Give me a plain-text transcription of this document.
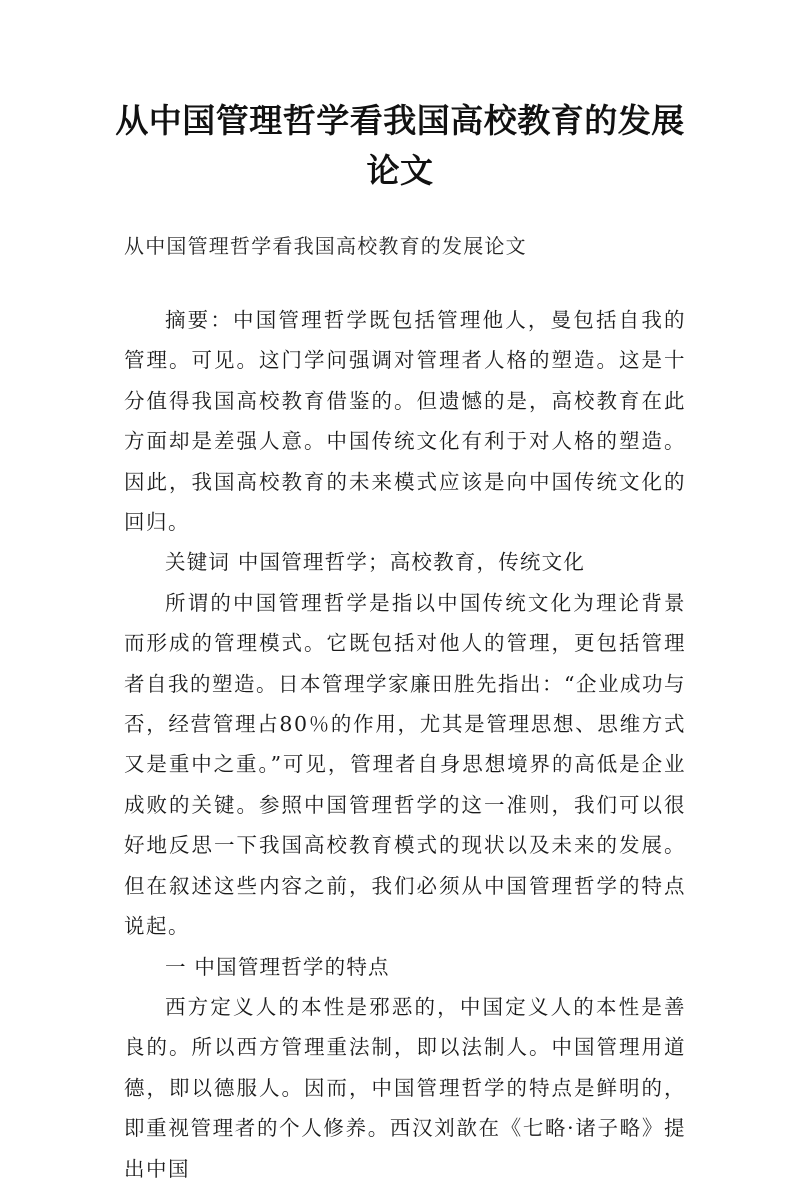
从中国管理哲学看我国高校教育的发展论文
从中国管理哲学看我国高校教育的发展论文

摘要：中国管理哲学既包括管理他人，曼包括自我的管理。可见。这门学问强调对管理者人格的塑造。这是十分值得我国高校教育借鉴的。但遗憾的是，高校教育在此方面却是差强人意。中国传统文化有利于对人格的塑造。因此，我国高校教育的未来模式应该是向中国传统文化的回归。

关键词 中国管理哲学；高校教育，传统文化

所谓的中国管理哲学是指以中国传统文化为理论背景而形成的管理模式。它既包括对他人的管理，更包括管理者自我的塑造。日本管理学家廉田胜先指出：“企业成功与否，经营管理占80％的作用，尤其是管理思想、思维方式又是重中之重。”可见，管理者自身思想境界的高低是企业成败的关键。参照中国管理哲学的这一准则，我们可以很好地反思一下我国高校教育模式的现状以及未来的发展。但在叙述这些内容之前，我们必须从中国管理哲学的特点说起。

一 中国管理哲学的特点

西方定义人的本性是邪恶的，中国定义人的本性是善良的。所以西方管理重法制，即以法制人。中国管理用道德，即以德服人。因而，中国管理哲学的特点是鲜明的，即重视管理者的个人修养。西汉刘歆在《七略·诸子略》提出中国
